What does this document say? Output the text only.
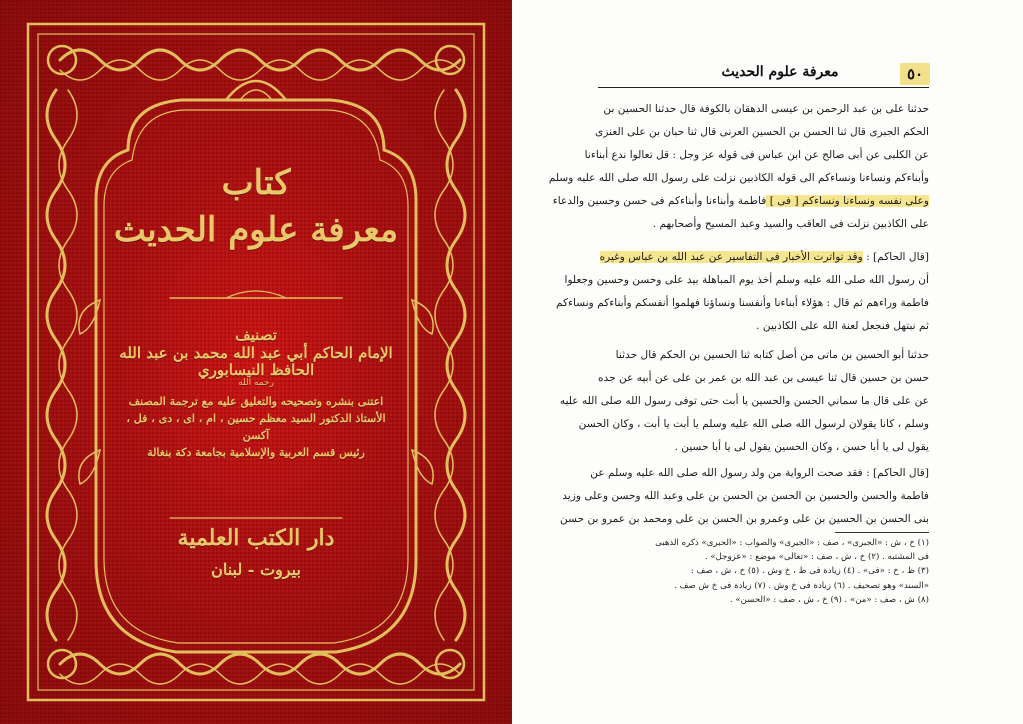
كتاب
معرفة علوم الحديث
تصنيف
الإمام الحاكم أبي عبد الله محمد بن عبد الله الحافظ النيسابوري
رحمه الله
اعتنى بنشره وتصحيحه والتعليق عليه مع ترجمة المصنف
الأستاذ الدكتور السيد معظم حسين ، ام ، اى ، دى ، فل ، آكسن
رئيس قسم العربية والإسلامية بجامعة دكة بنغالة
دار الكتب العلمية
بيروت - لبنان
٥٠
معرفة علوم الحديث
حدثنا على بن عبد الرحمن بن عيسى الدهقان بالكوفة قال حدثنا الحسين بن
الحكم الجبرى قال ثنا الحسن بن الحسين العرنى قال ثنا حبان بن على العنزى
عن الكلبى عن أبى صالح عن ابن عباس فى قوله عز وجل : قل تعالوا ندع أبناءنا
وأبناءكم ونساءنا ونساءكم الى قوله الكاذبين نزلت على رسول الله صلى الله عليه وسلم
وعلى نفسه ونساءنا ونساءكم [ فى ] فاطمة وأبناءنا وأبناءكم فى حسن وحسين والدعاء
على الكاذبين نزلت فى العاقب والسيد وعبد المسيح وأصحابهم .
[قال الحاكم] : وقد تواترت الأخبار فى التفاسير عن عبد الله بن عباس وغيره
أن رسول الله صلى الله عليه وسلم أخذ يوم المباهلة بيد على وحسن وحسين وجعلوا
فاطمة وراءهم ثم قال : هؤلاء أبناءنا وأنفسنا ونساؤنا فهلموا أنفسكم وأبناءكم ونساءكم
ثم نبتهل فنجعل لعنة الله على الكاذبين .
حدثنا أبو الحسين بن ماتى من أصل كتابه ثنا الحسين بن الحكم قال حدثنا
حسن بن حسين قال ثنا عيسى بن عبد الله بن عمر بن على عن أبيه عن جده
عن على قال ما سماني الحسن والحسين يا أبت حتى توفى رسول الله صلى الله عليه
وسلم ، كانا يقولان لرسول الله صلى الله عليه وسلم يا أبت يا أبت ، وكان الحسن
يقول لى يا أبا حسن ، وكان الحسين يقول لى يا أبا حسين .
[قال الحاكم] : فقد صحت الرواية من ولد رسول الله صلى الله عليه وسلم عن
فاطمة والحسن والحسين بن الحسن بن الحسن بن على وعبد الله وحسن وعلى وزيد
بنى الحسن بن الحسين بن على وعمرو بن الحسن بن على ومحمد بن عمرو بن حسن
(١) خ ، ش : «الجبرى» ، صف : «الجيرى» والصواب : «الحبرى» ذكره الذهبى
فى المشتبه . (٢) خ ، ش ، صف : «تعالى» موضع : «عزوجل» .
(٣) ظ ، خ : «فى» . (٤) زيادة فى ظ ، خ وش . (٥) خ ، ش ، صف :
«السند» وهو تصحيف . (٦) زيادة فى خ وش . (٧) زيادة فى خ ش صف .
(٨) ش ، صف : «من» . (٩) خ ، ش ، صف : «الحسن» .
